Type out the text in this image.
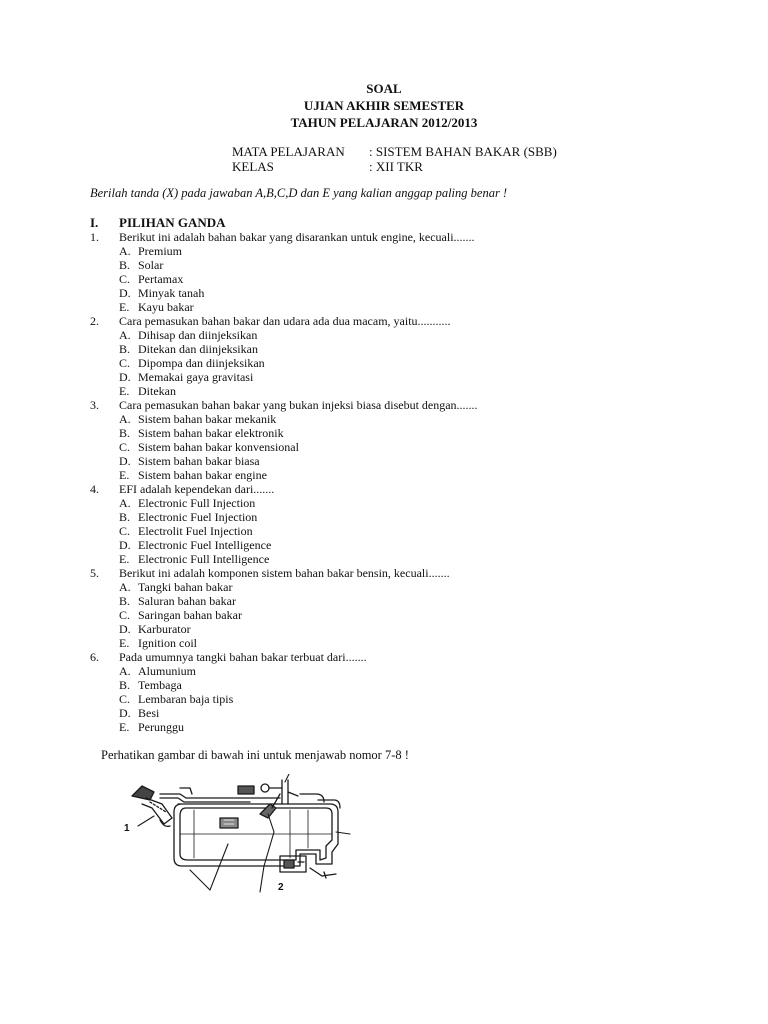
SOAL
UJIAN AKHIR SEMESTER
TAHUN PELAJARAN 2012/2013
MATA PELAJARAN : SISTEM BAHAN BAKAR (SBB)
KELAS	: XII TKR
Berilah tanda (X) pada jawaban A,B,C,D dan E yang kalian anggap paling benar !
I. PILIHAN GANDA
1. Berikut ini adalah bahan bakar yang disarankan untuk engine, kecuali.......
A. Premium
B. Solar
C. Pertamax
D. Minyak tanah
E. Kayu bakar
2. Cara pemasukan bahan bakar dan udara ada dua macam, yaitu...........
A. Dihisap dan diinjeksikan
B. Ditekan dan diinjeksikan
C. Dipompa dan diinjeksikan
D. Memakai gaya gravitasi
E. Ditekan
3. Cara pemasukan bahan bakar yang bukan injeksi biasa disebut dengan.......
A. Sistem bahan bakar mekanik
B. Sistem bahan bakar elektronik
C. Sistem bahan bakar konvensional
D. Sistem bahan bakar biasa
E. Sistem bahan bakar engine
4. EFI adalah kependekan dari.......
A. Electronic Full Injection
B. Electronic Fuel Injection
C. Electrolit Fuel Injection
D. Electronic Fuel Intelligence
E. Electronic Full Intelligence
5. Berikut ini adalah komponen sistem bahan bakar bensin, kecuali.......
A. Tangki bahan bakar
B. Saluran bahan bakar
C. Saringan bahan bakar
D. Karburator
E. Ignition coil
6. Pada umumnya tangki bahan bakar terbuat dari.......
A. Alumunium
B. Tembaga
C. Lembaran baja tipis
D. Besi
E. Perunggu
Perhatikan gambar di bawah ini untuk menjawab nomor 7-8 !
1
2
